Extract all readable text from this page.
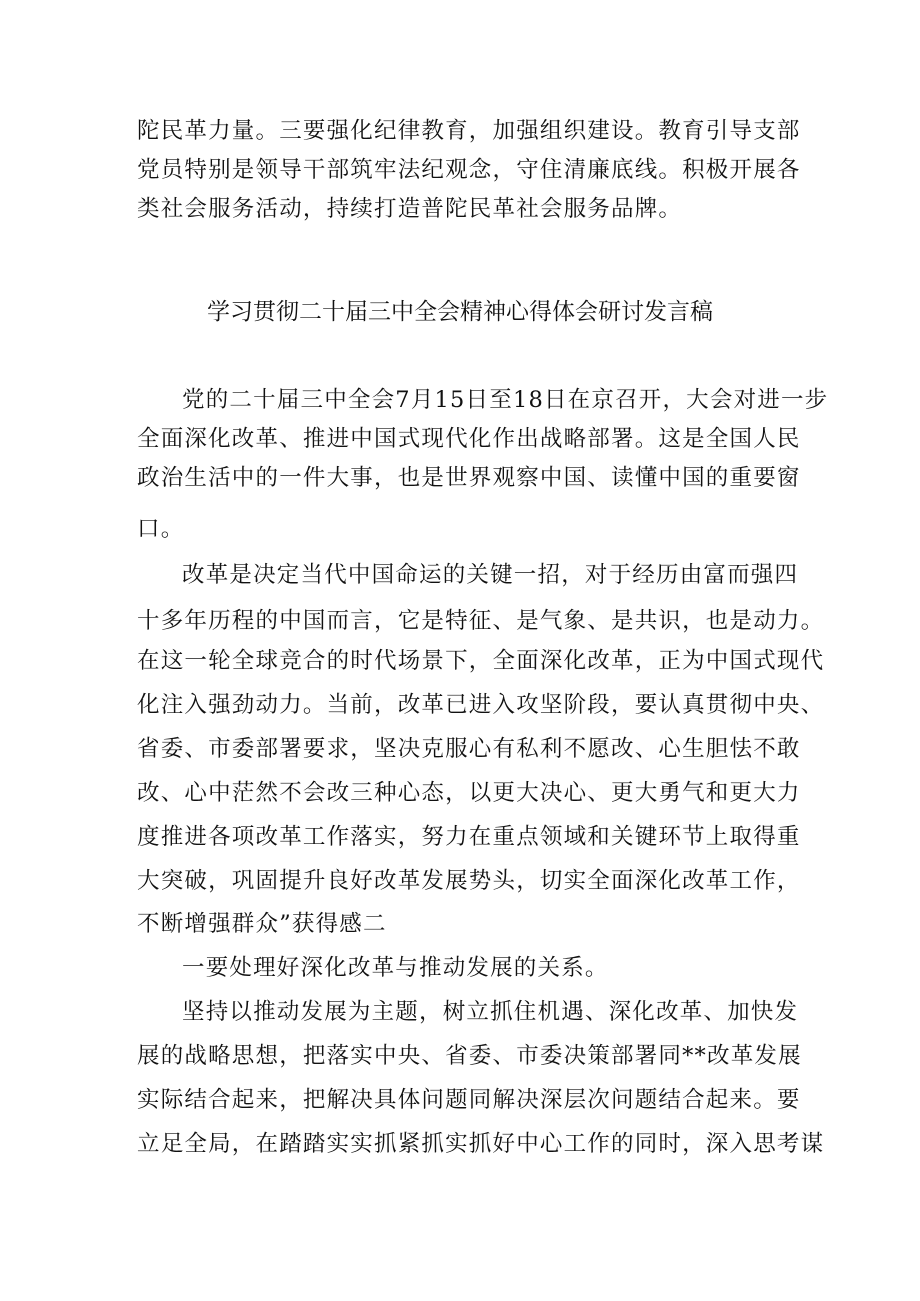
陀民革力量。三要强化纪律教育，加强组织建设。教育引导支部
党员特别是领导干部筑牢法纪观念，守住清廉底线。积极开展各
类社会服务活动，持续打造普陀民革社会服务品牌。
学习贯彻二十届三中全会精神心得体会研讨发言稿
党的二十届三中全会7月15日至18日在京召开，大会对进一步
全面深化改革、推进中国式现代化作出战略部署。这是全国人民
政治生活中的一件大事，也是世界观察中国、读懂中国的重要窗
口。
改革是决定当代中国命运的关键一招，对于经历由富而强四
十多年历程的中国而言，它是特征、是气象、是共识，也是动力。
在这一轮全球竞合的时代场景下，全面深化改革，正为中国式现代
化注入强劲动力。当前，改革已进入攻坚阶段，要认真贯彻中央、
省委、市委部署要求，坚决克服心有私利不愿改、心生胆怯不敢
改、心中茫然不会改三种心态，以更大决心、更大勇气和更大力
度推进各项改革工作落实，努力在重点领域和关键环节上取得重
大突破，巩固提升良好改革发展势头，切实全面深化改革工作，
不断增强群众”获得感二
一要处理好深化改革与推动发展的关系。
坚持以推动发展为主题，树立抓住机遇、深化改革、加快发
展的战略思想，把落实中央、省委、市委决策部署同**改革发展
实际结合起来，把解决具体问题同解决深层次问题结合起来。要
立足全局，在踏踏实实抓紧抓实抓好中心工作的同时，深入思考谋
